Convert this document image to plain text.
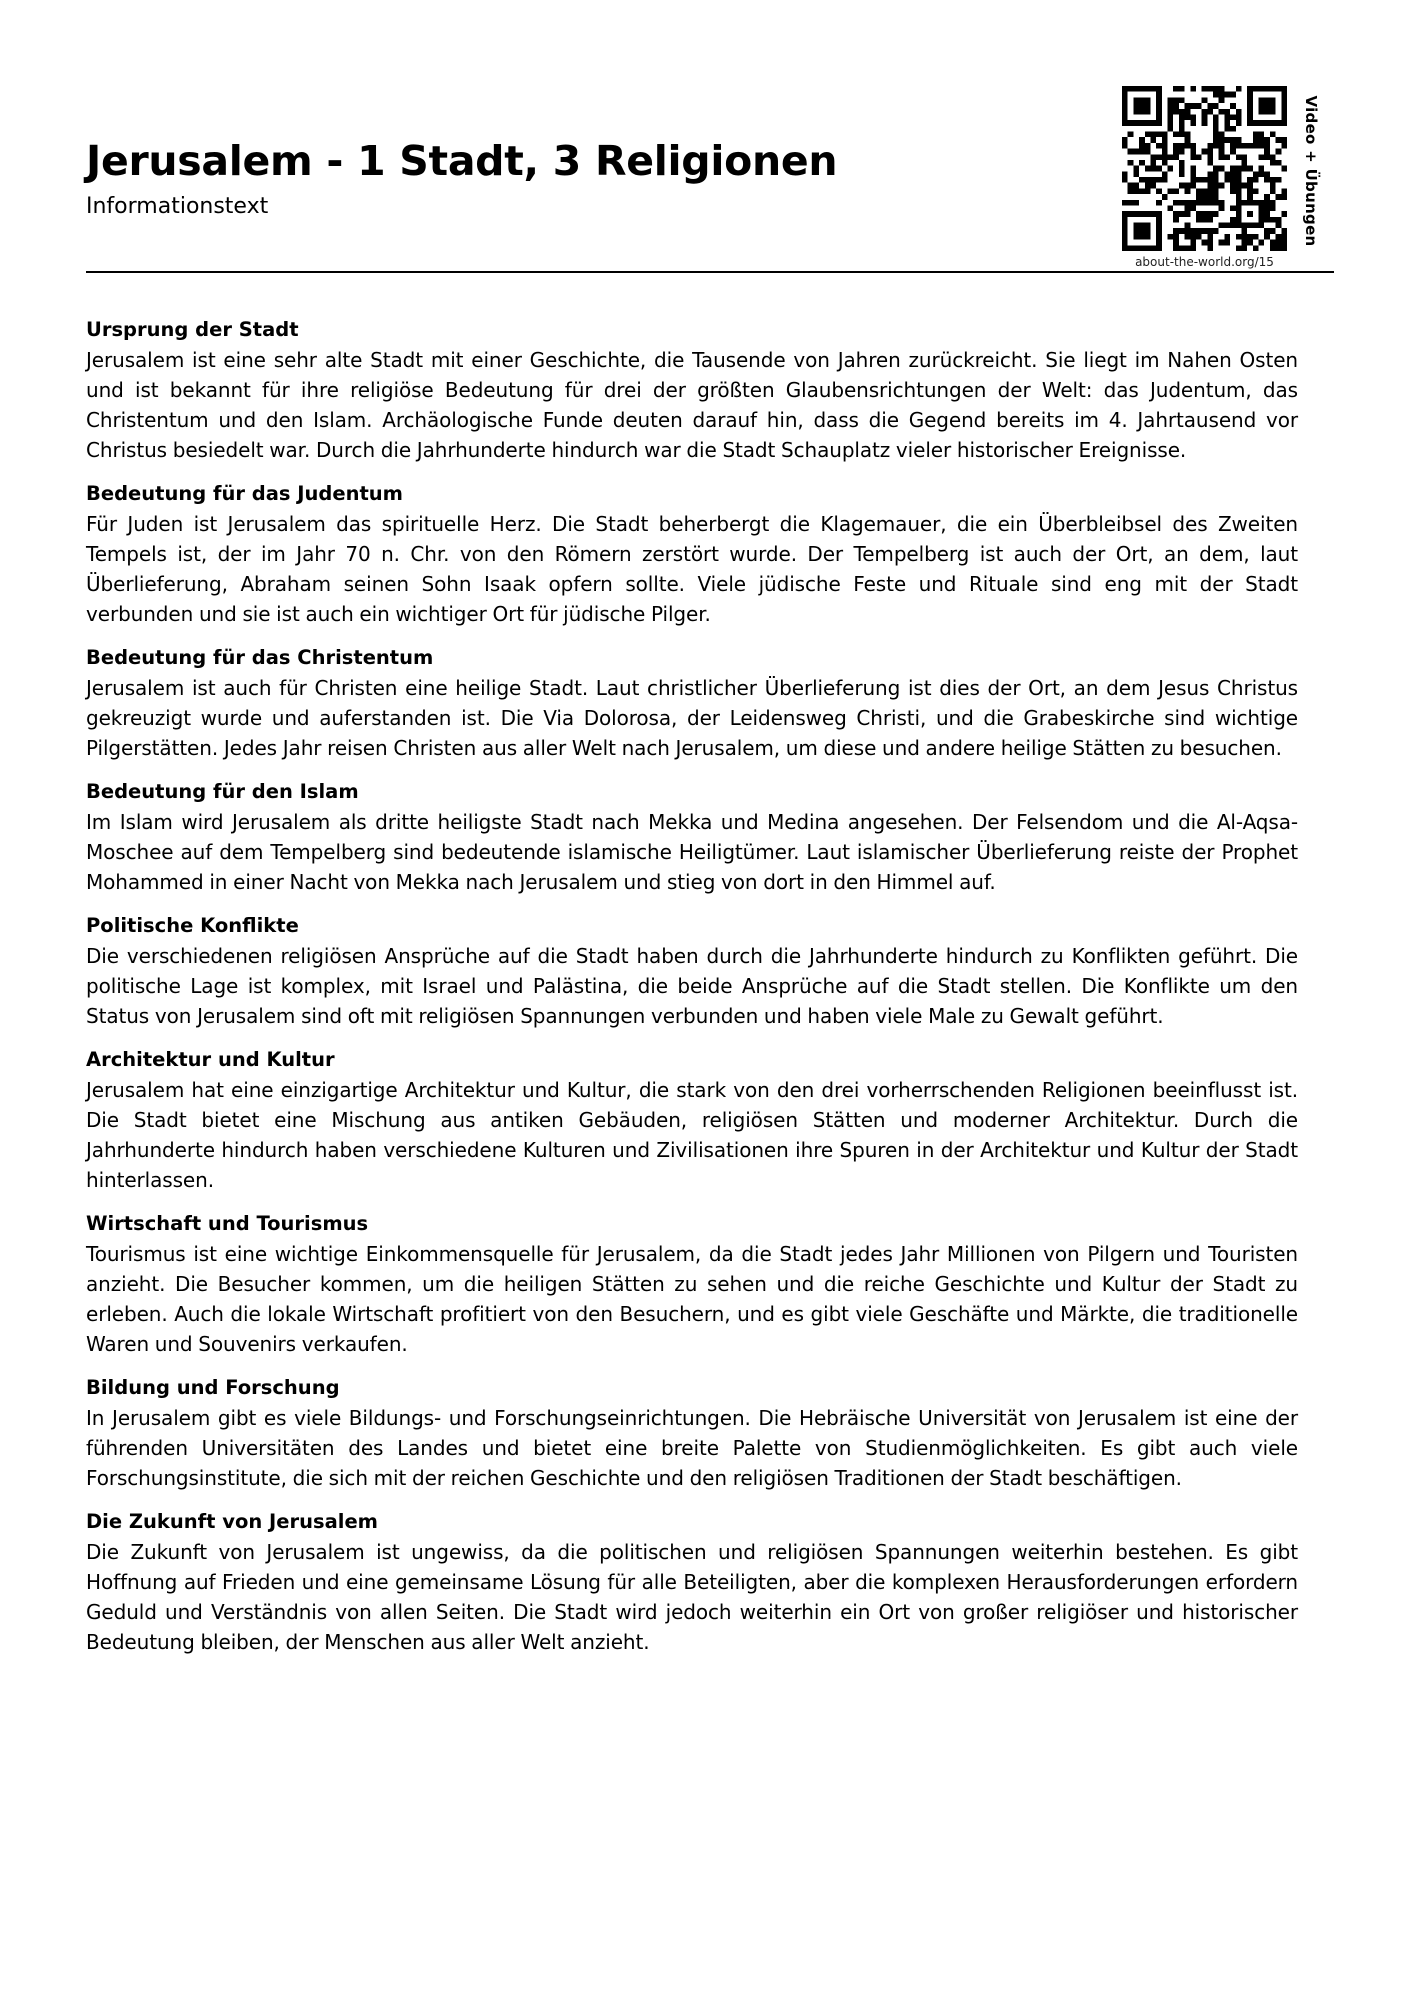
Jerusalem - 1 Stadt, 3 Religionen
Informationstext
about-the-world.org/15
Video + Übungen
Ursprung der Stadt

Jerusalem ist eine sehr alte Stadt mit einer Geschichte, die Tausende von Jahren zurückreicht. Sie liegt im Nahen Osten und ist bekannt für ihre religiöse Bedeutung für drei der größten Glaubensrichtungen der Welt: das Judentum, das Christentum und den Islam. Archäologische Funde deuten darauf hin, dass die Gegend bereits im 4. Jahrtausend vor Christus besiedelt war. Durch die Jahrhunderte hindurch war die Stadt Schauplatz vieler historischer Ereignisse.

Bedeutung für das Judentum

Für Juden ist Jerusalem das spirituelle Herz. Die Stadt beherbergt die Klagemauer, die ein Überbleibsel des Zweiten Tempels ist, der im Jahr 70 n. Chr. von den Römern zerstört wurde. Der Tempelberg ist auch der Ort, an dem, laut Überlieferung, Abraham seinen Sohn Isaak opfern sollte. Viele jüdische Feste und Rituale sind eng mit der Stadt verbunden und sie ist auch ein wichtiger Ort für jüdische Pilger.

Bedeutung für das Christentum

Jerusalem ist auch für Christen eine heilige Stadt. Laut christlicher Überlieferung ist dies der Ort, an dem Jesus Christus gekreuzigt wurde und auferstanden ist. Die Via Dolorosa, der Leidensweg Christi, und die Grabeskirche sind wichtige Pilgerstätten. Jedes Jahr reisen Christen aus aller Welt nach Jerusalem, um diese und andere heilige Stätten zu besuchen.

Bedeutung für den Islam

Im Islam wird Jerusalem als dritte heiligste Stadt nach Mekka und Medina angesehen. Der Felsendom und die Al-Aqsa-Moschee auf dem Tempelberg sind bedeutende islamische Heiligtümer. Laut islamischer Überlieferung reiste der Prophet Mohammed in einer Nacht von Mekka nach Jerusalem und stieg von dort in den Himmel auf.

Politische Konflikte

Die verschiedenen religiösen Ansprüche auf die Stadt haben durch die Jahrhunderte hindurch zu Konflikten geführt. Die politische Lage ist komplex, mit Israel und Palästina, die beide Ansprüche auf die Stadt stellen. Die Konflikte um den Status von Jerusalem sind oft mit religiösen Spannungen verbunden und haben viele Male zu Gewalt geführt.

Architektur und Kultur

Jerusalem hat eine einzigartige Architektur und Kultur, die stark von den drei vorherrschenden Religionen beeinflusst ist. Die Stadt bietet eine Mischung aus antiken Gebäuden, religiösen Stätten und moderner Architektur. Durch die Jahrhunderte hindurch haben verschiedene Kulturen und Zivilisationen ihre Spuren in der Architektur und Kultur der Stadt hinterlassen.

Wirtschaft und Tourismus

Tourismus ist eine wichtige Einkommensquelle für Jerusalem, da die Stadt jedes Jahr Millionen von Pilgern und Touristen anzieht. Die Besucher kommen, um die heiligen Stätten zu sehen und die reiche Geschichte und Kultur der Stadt zu erleben. Auch die lokale Wirtschaft profitiert von den Besuchern, und es gibt viele Geschäfte und Märkte, die traditionelle Waren und Souvenirs verkaufen.

Bildung und Forschung

In Jerusalem gibt es viele Bildungs- und Forschungseinrichtungen. Die Hebräische Universität von Jerusalem ist eine der führenden Universitäten des Landes und bietet eine breite Palette von Studienmöglichkeiten. Es gibt auch viele Forschungsinstitute, die sich mit der reichen Geschichte und den religiösen Traditionen der Stadt beschäftigen.

Die Zukunft von Jerusalem

Die Zukunft von Jerusalem ist ungewiss, da die politischen und religiösen Spannungen weiterhin bestehen. Es gibt Hoffnung auf Frieden und eine gemeinsame Lösung für alle Beteiligten, aber die komplexen Herausforderungen erfordern Geduld und Verständnis von allen Seiten. Die Stadt wird jedoch weiterhin ein Ort von großer religiöser und historischer Bedeutung bleiben, der Menschen aus aller Welt anzieht.
